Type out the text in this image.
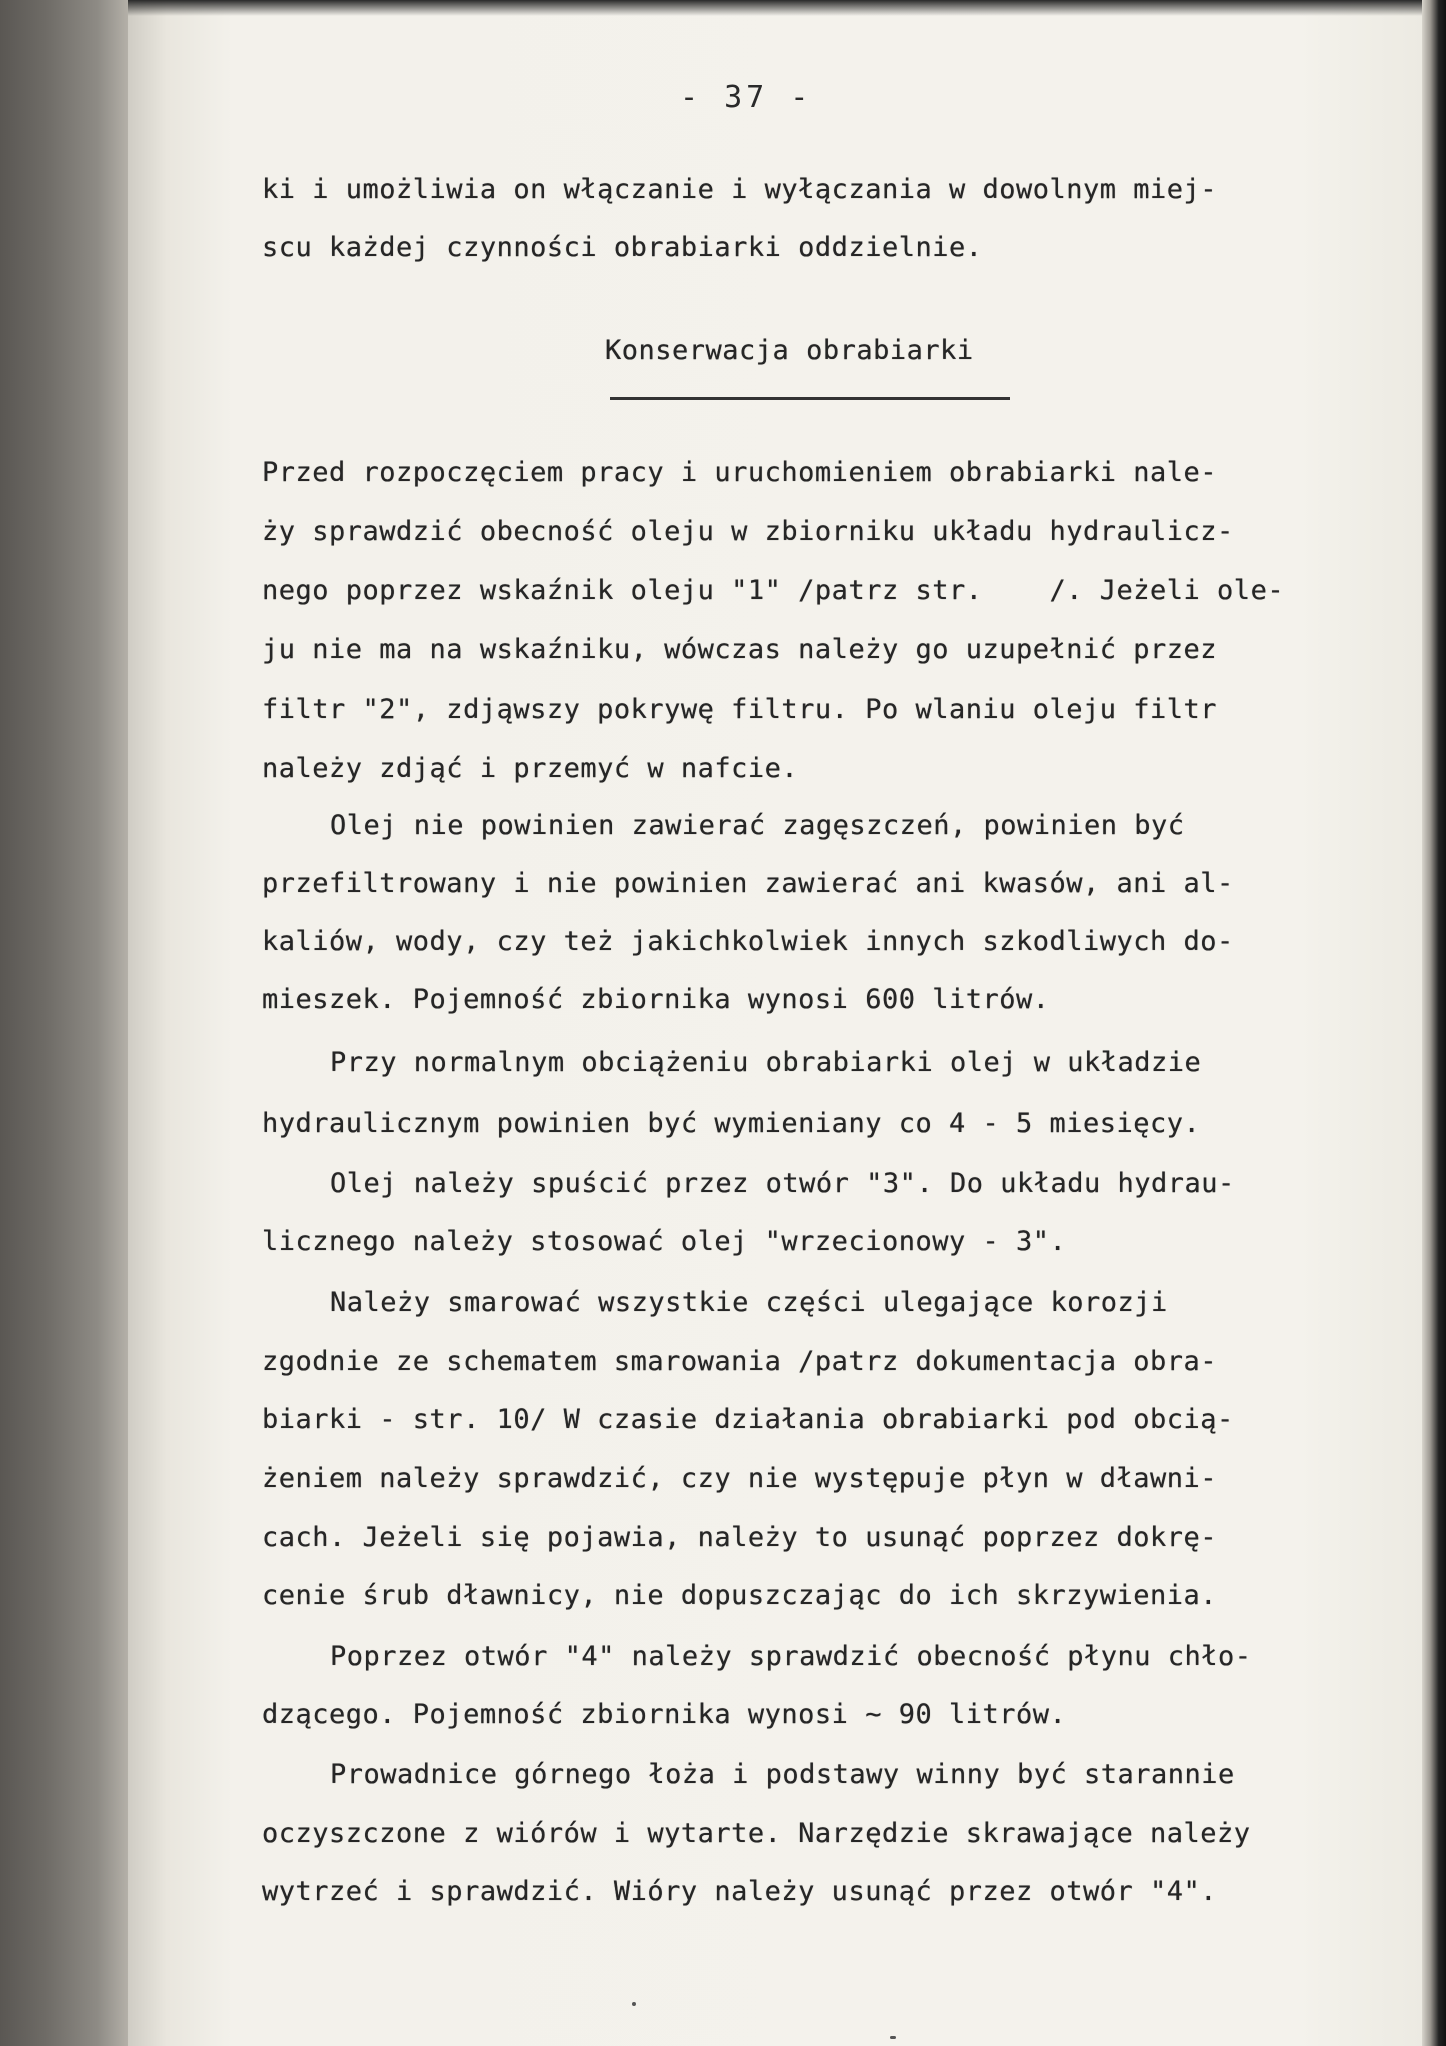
- 37 -
Konserwacja obrabiarki
ki i umożliwia on włączanie i wyłączania w dowolnym miej-
scu każdej czynności obrabiarki oddzielnie.
Przed rozpoczęciem pracy i uruchomieniem obrabiarki nale-
ży sprawdzić obecność oleju w zbiorniku układu hydraulicz-
nego poprzez wskaźnik oleju "1" /patrz str.    /. Jeżeli ole-
ju nie ma na wskaźniku, wówczas należy go uzupełnić przez
filtr "2", zdjąwszy pokrywę filtru. Po wlaniu oleju filtr
należy zdjąć i przemyć w nafcie.
Olej nie powinien zawierać zagęszczeń, powinien być
przefiltrowany i nie powinien zawierać ani kwasów, ani al-
kaliów, wody, czy też jakichkolwiek innych szkodliwych do-
mieszek. Pojemność zbiornika wynosi 600 litrów.
Przy normalnym obciążeniu obrabiarki olej w układzie
hydraulicznym powinien być wymieniany co 4 - 5 miesięcy.
Olej należy spuścić przez otwór "3". Do układu hydrau-
licznego należy stosować olej "wrzecionowy - 3".
Należy smarować wszystkie części ulegające korozji
zgodnie ze schematem smarowania /patrz dokumentacja obra-
biarki - str. 10/ W czasie działania obrabiarki pod obcią-
żeniem należy sprawdzić, czy nie występuje płyn w dławni-
cach. Jeżeli się pojawia, należy to usunąć poprzez dokrę-
cenie śrub dławnicy, nie dopuszczając do ich skrzywienia.
Poprzez otwór "4" należy sprawdzić obecność płynu chło-
dzącego. Pojemność zbiornika wynosi ~ 90 litrów.
Prowadnice górnego łoża i podstawy winny być starannie
oczyszczone z wiórów i wytarte. Narzędzie skrawające należy
wytrzeć i sprawdzić. Wióry należy usunąć przez otwór "4".
